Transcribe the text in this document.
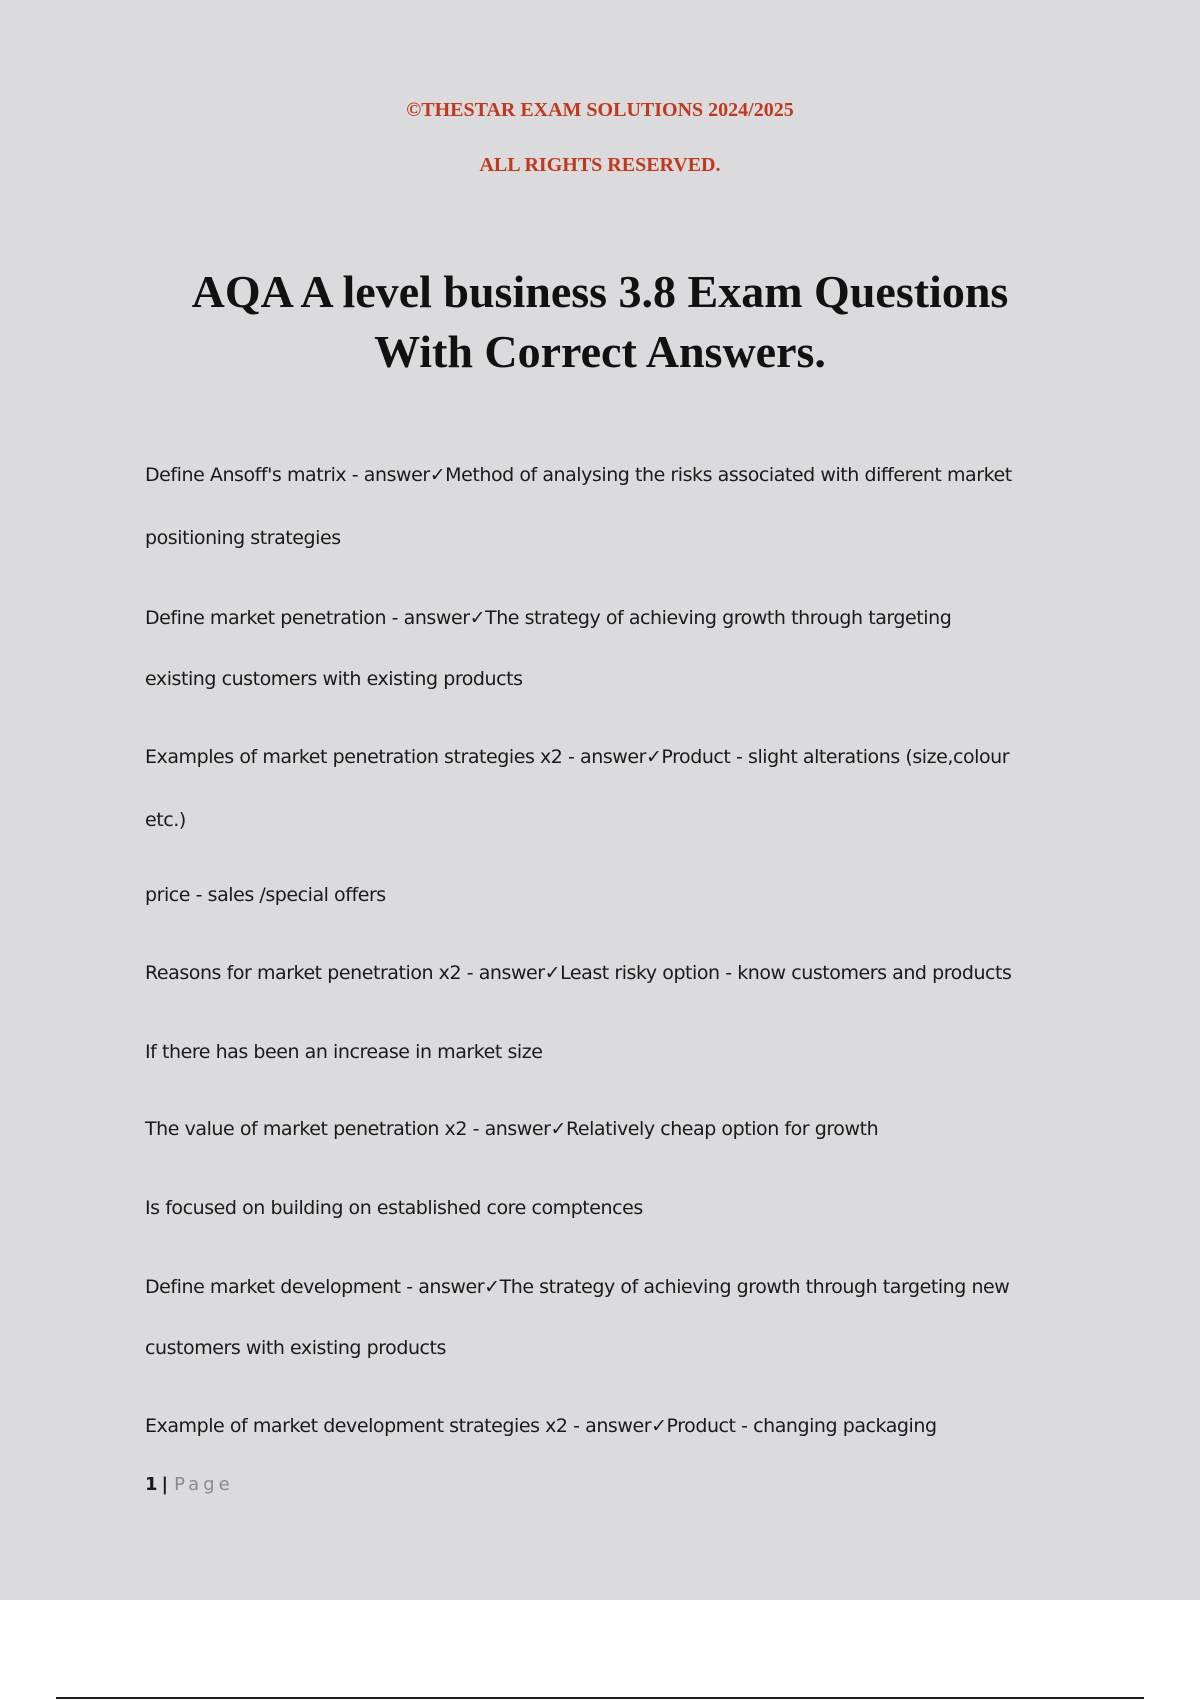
©THESTAR EXAM SOLUTIONS 2024/2025

ALL RIGHTS RESERVED.

AQA A level business 3.8 Exam Questions
With Correct Answers.
Define Ansoff's matrix - answer✓Method of analysing the risks associated with different market
positioning strategies
Define market penetration - answer✓The strategy of achieving growth through targeting
existing customers with existing products
Examples of market penetration strategies x2 - answer✓Product - slight alterations (size,colour
etc.)
price - sales /special offers
Reasons for market penetration x2 - answer✓Least risky option - know customers and products
If there has been an increase in market size
The value of market penetration x2 - answer✓Relatively cheap option for growth
Is focused on building on established core comptences
Define market development - answer✓The strategy of achieving growth through targeting new
customers with existing products
Example of market development strategies x2 - answer✓Product - changing packaging
1 | Page
